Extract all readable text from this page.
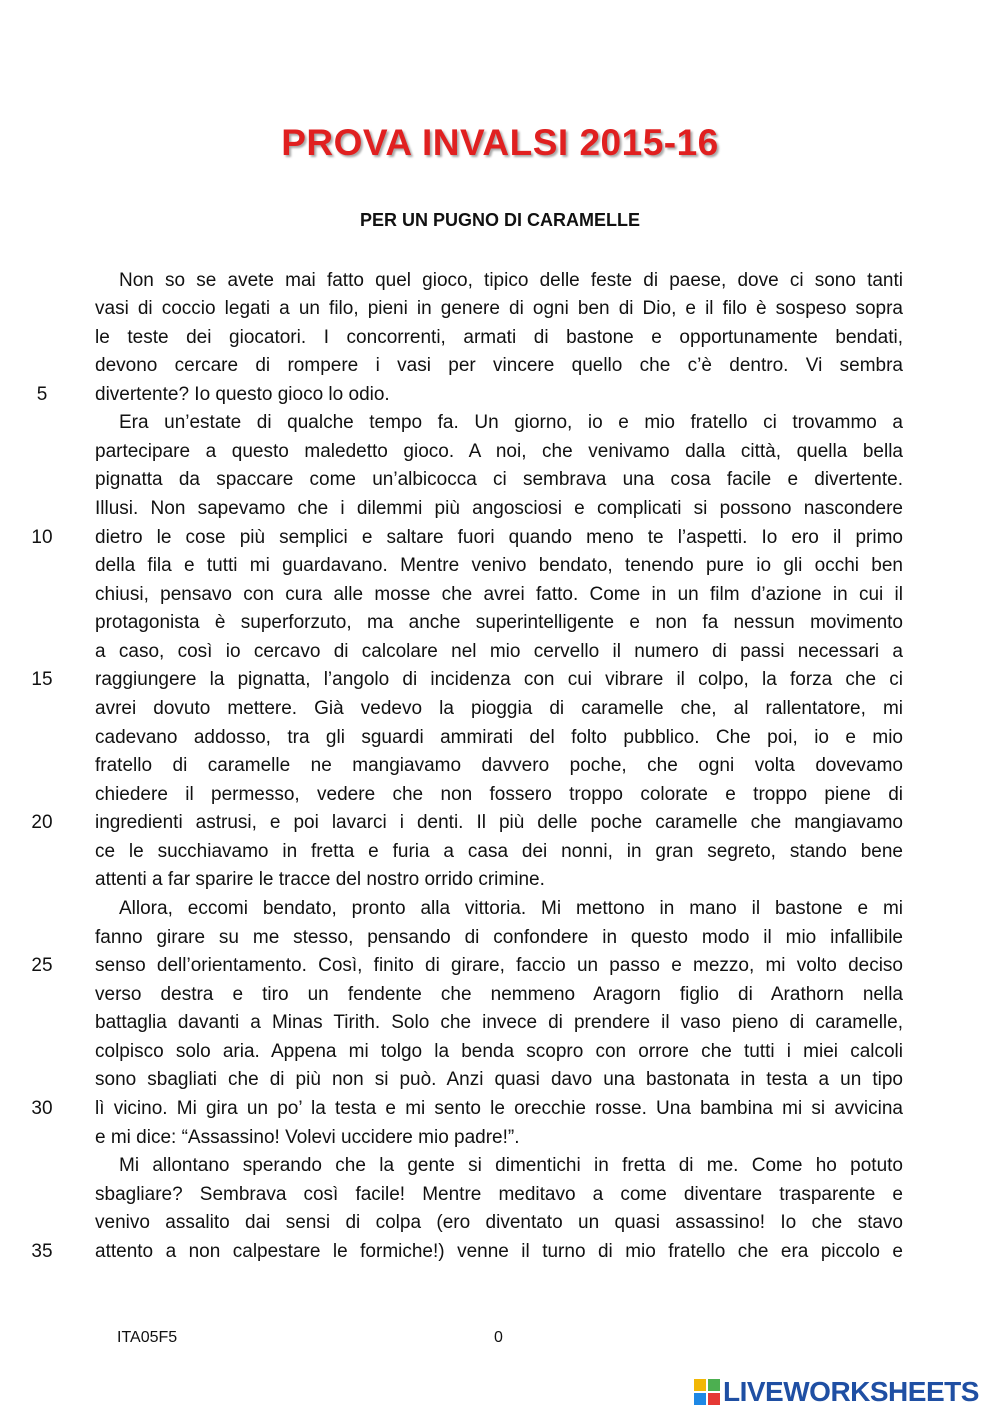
PROVA INVALSI 2015-16
PER UN PUGNO DI CARAMELLE
Non so se avete mai fatto quel gioco, tipico delle feste di paese, dove ci sono tanti
vasi di coccio legati a un filo, pieni in genere di ogni ben di Dio, e il filo è sospeso sopra
le teste dei giocatori. I concorrenti, armati di bastone e opportunamente bendati,
devono cercare di rompere i vasi per vincere quello che c’è dentro. Vi sembra
divertente? Io questo gioco lo odio.
Era un’estate di qualche tempo fa. Un giorno, io e mio fratello ci trovammo a
partecipare a questo maledetto gioco. A noi, che venivamo dalla città, quella bella
pignatta da spaccare come un’albicocca ci sembrava una cosa facile e divertente.
Illusi. Non sapevamo che i dilemmi più angosciosi e complicati si possono nascondere
dietro le cose più semplici e saltare fuori quando meno te l’aspetti. Io ero il primo
della fila e tutti mi guardavano. Mentre venivo bendato, tenendo pure io gli occhi ben
chiusi, pensavo con cura alle mosse che avrei fatto. Come in un film d’azione in cui il
protagonista è superforzuto, ma anche superintelligente e non fa nessun movimento
a caso, così io cercavo di calcolare nel mio cervello il numero di passi necessari a
raggiungere la pignatta, l’angolo di incidenza con cui vibrare il colpo, la forza che ci
avrei dovuto mettere. Già vedevo la pioggia di caramelle che, al rallentatore, mi
cadevano addosso, tra gli sguardi ammirati del folto pubblico. Che poi, io e mio
fratello di caramelle ne mangiavamo davvero poche, che ogni volta dovevamo
chiedere il permesso, vedere che non fossero troppo colorate e troppo piene di
ingredienti astrusi, e poi lavarci i denti. Il più delle poche caramelle che mangiavamo
ce le succhiavamo in fretta e furia a casa dei nonni, in gran segreto, stando bene
attenti a far sparire le tracce del nostro orrido crimine.
Allora, eccomi bendato, pronto alla vittoria. Mi mettono in mano il bastone e mi
fanno girare su me stesso, pensando di confondere in questo modo il mio infallibile
senso dell’orientamento. Così, finito di girare, faccio un passo e mezzo, mi volto deciso
verso destra e tiro un fendente che nemmeno Aragorn figlio di Arathorn nella
battaglia davanti a Minas Tirith. Solo che invece di prendere il vaso pieno di caramelle,
colpisco solo aria. Appena mi tolgo la benda scopro con orrore che tutti i miei calcoli
sono sbagliati che di più non si può. Anzi quasi davo una bastonata in testa a un tipo
lì vicino. Mi gira un po’ la testa e mi sento le orecchie rosse. Una bambina mi si avvicina
e mi dice: “Assassino! Volevi uccidere mio padre!”.
Mi allontano sperando che la gente si dimentichi in fretta di me. Come ho potuto
sbagliare? Sembrava così facile! Mentre meditavo a come diventare trasparente e
venivo assalito dai sensi di colpa (ero diventato un quasi assassino! Io che stavo
attento a non calpestare le formiche!) venne il turno di mio fratello che era piccolo e
5
10
15
20
25
30
35
ITA05F5	0
LIVEWORKSHEETS
